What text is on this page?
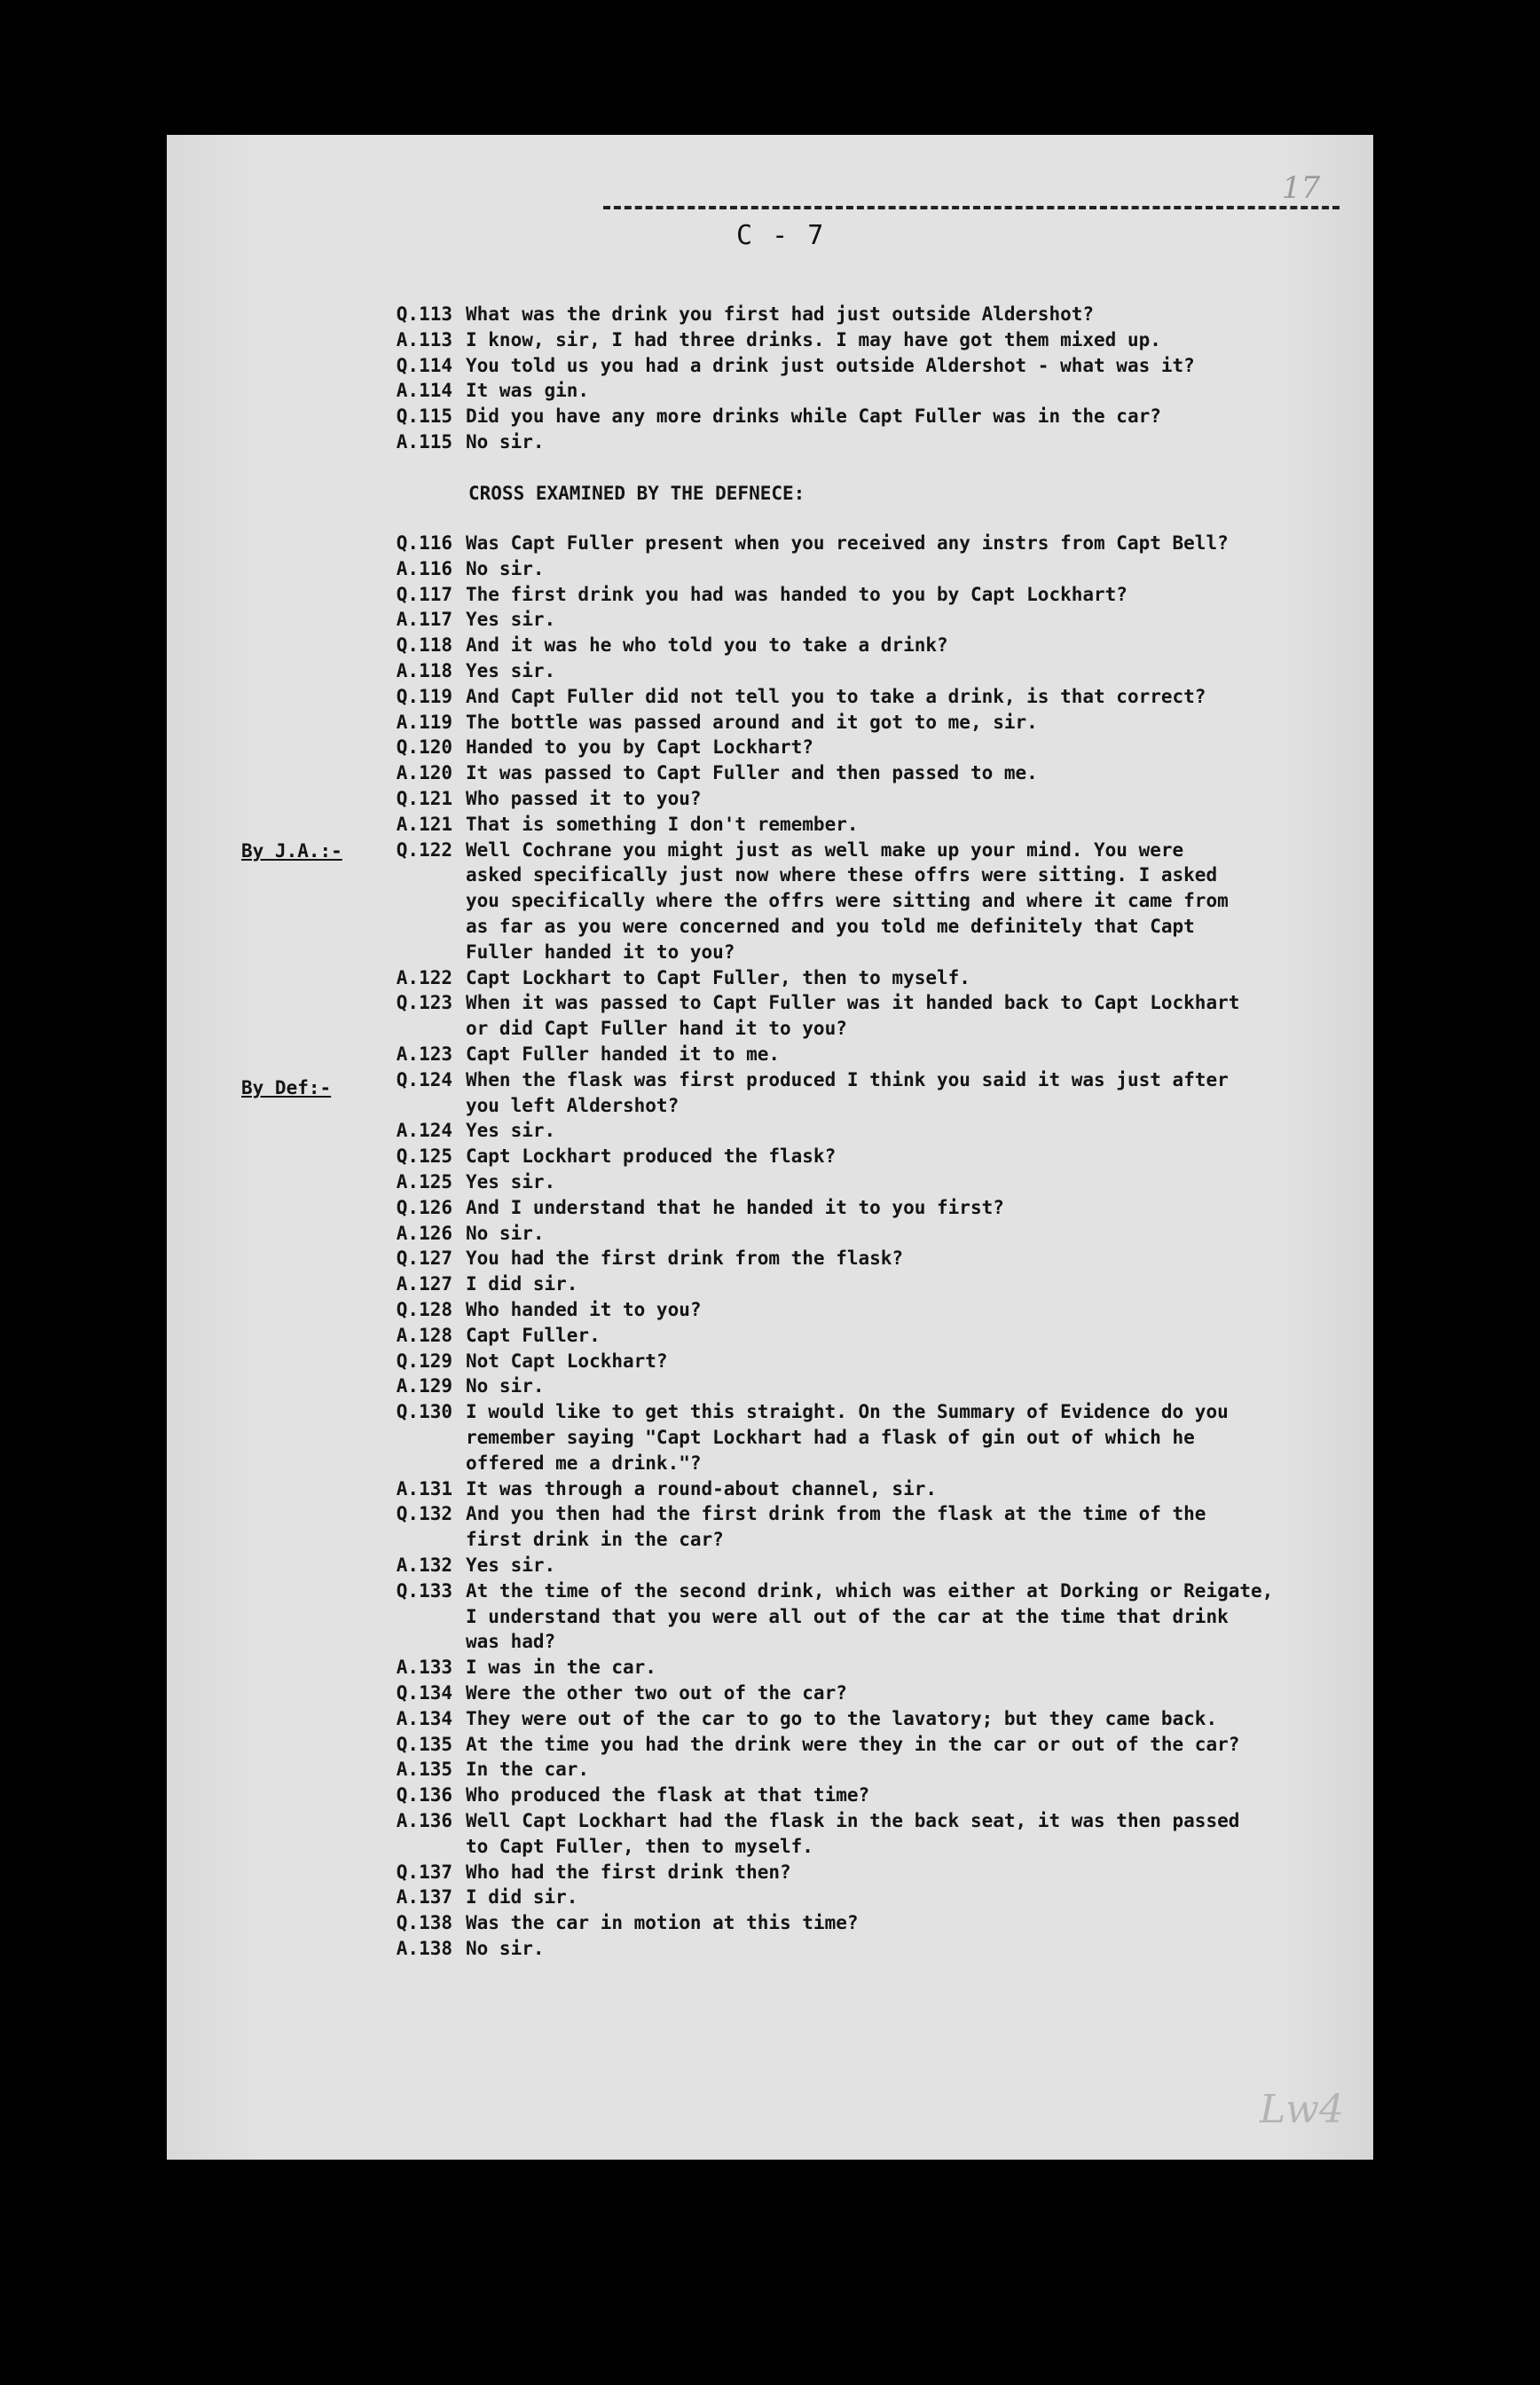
C - 7
17
Lw4
CROSS EXAMINED BY THE DEFNECE:
By J.A.:-
By Def:-
Q.113 What was the drink you first had just outside Aldershot?
A.113 I know, sir, I had three drinks. I may have got them mixed up.
Q.114 You told us you had a drink just outside Aldershot - what was it?
A.114 It was gin.
Q.115 Did you have any more drinks while Capt Fuller was in the car?
A.115 No sir.
Q.116 Was Capt Fuller present when you received any instrs from Capt Bell?
A.116 No sir.
Q.117 The first drink you had was handed to you by Capt Lockhart?
A.117 Yes sir.
Q.118 And it was he who told you to take a drink?
A.118 Yes sir.
Q.119 And Capt Fuller did not tell you to take a drink, is that correct?
A.119 The bottle was passed around and it got to me, sir.
Q.120 Handed to you by Capt Lockhart?
A.120 It was passed to Capt Fuller and then passed to me.
Q.121 Who passed it to you?
A.121 That is something I don't remember.
Q.122 Well Cochrane you might just as well make up your mind. You were
asked specifically just now where these offrs were sitting. I asked
you specifically where the offrs were sitting and where it came from
as far as you were concerned and you told me definitely that Capt
Fuller handed it to you?
A.122 Capt Lockhart to Capt Fuller, then to myself.
Q.123 When it was passed to Capt Fuller was it handed back to Capt Lockhart
or did Capt Fuller hand it to you?
A.123 Capt Fuller handed it to me.
Q.124 When the flask was first produced I think you said it was just after
you left Aldershot?
A.124 Yes sir.
Q.125 Capt Lockhart produced the flask?
A.125 Yes sir.
Q.126 And I understand that he handed it to you first?
A.126 No sir.
Q.127 You had the first drink from the flask?
A.127 I did sir.
Q.128 Who handed it to you?
A.128 Capt Fuller.
Q.129 Not Capt Lockhart?
A.129 No sir.
Q.130 I would like to get this straight. On the Summary of Evidence do you
remember saying "Capt Lockhart had a flask of gin out of which he
offered me a drink."?
A.131 It was through a round-about channel, sir.
Q.132 And you then had the first drink from the flask at the time of the
first drink in the car?
A.132 Yes sir.
Q.133 At the time of the second drink, which was either at Dorking or Reigate,
I understand that you were all out of the car at the time that drink
was had?
A.133 I was in the car.
Q.134 Were the other two out of the car?
A.134 They were out of the car to go to the lavatory; but they came back.
Q.135 At the time you had the drink were they in the car or out of the car?
A.135 In the car.
Q.136 Who produced the flask at that time?
A.136 Well Capt Lockhart had the flask in the back seat, it was then passed
to Capt Fuller, then to myself.
Q.137 Who had the first drink then?
A.137 I did sir.
Q.138 Was the car in motion at this time?
A.138 No sir.
